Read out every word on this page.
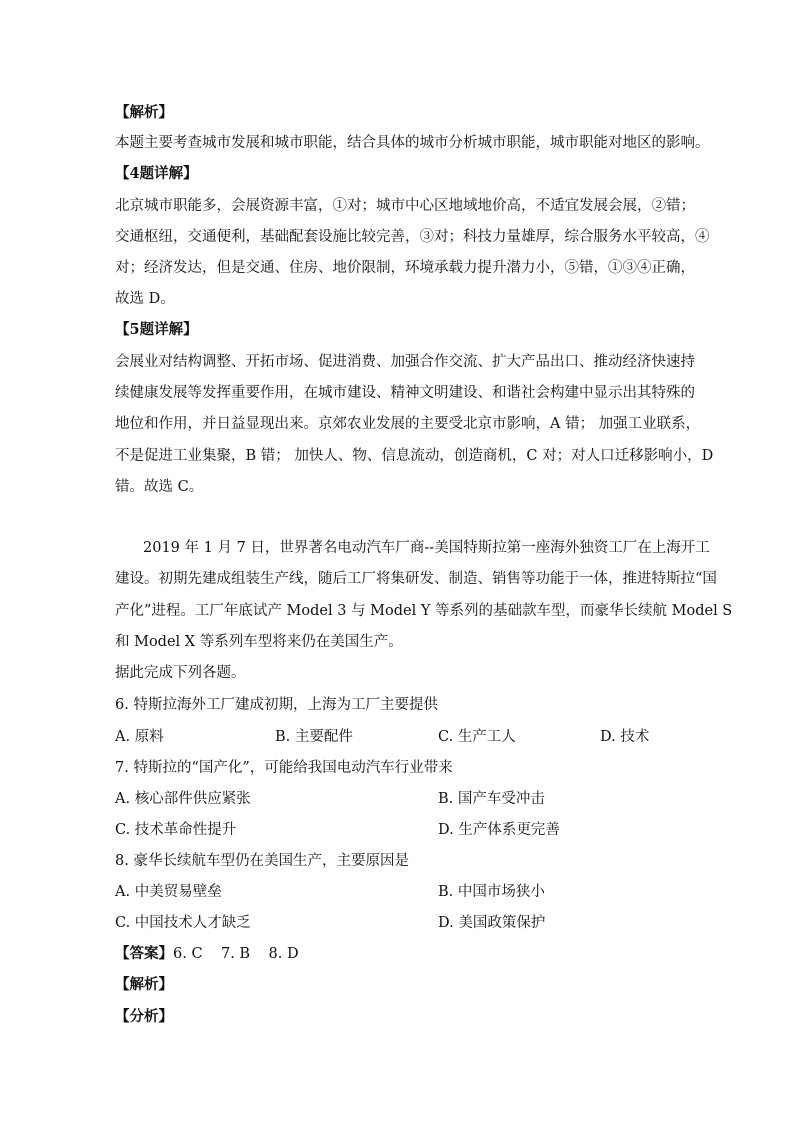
【解析】
本题主要考查城市发展和城市职能，结合具体的城市分析城市职能，城市职能对地区的影响。
【4题详解】
北京城市职能多，会展资源丰富，①对；城市中心区地域地价高，不适宜发展会展，②错；
交通枢纽，交通便利，基础配套设施比较完善，③对；科技力量雄厚，综合服务水平较高，④
对；经济发达，但是交通、住房、地价限制，环境承载力提升潜力小，⑤错，①③④正确，
故选 D。
【5题详解】
会展业对结构调整、开拓市场、促进消费、加强合作交流、扩大产品出口、推动经济快速持
续健康发展等发挥重要作用，在城市建设、精神文明建设、和谐社会构建中显示出其特殊的
地位和作用，并日益显现出来。京郊农业发展的主要受北京市影响，A 错； 加强工业联系，
不是促进工业集聚，B 错； 加快人、物、信息流动，创造商机，C 对；对人口迁移影响小，D
错。故选 C。
2019 年 1 月 7 日，世界著名电动汽车厂商--美国特斯拉第一座海外独资工厂在上海开工
建设。初期先建成组装生产线，随后工厂将集研发、制造、销售等功能于一体，推进特斯拉“国
产化”进程。工厂年底试产 Model 3 与 Model Y 等系列的基础款车型，而豪华长续航 Model S
和 Model X 等系列车型将来仍在美国生产。
据此完成下列各题。
6. 特斯拉海外工厂建成初期，上海为工厂主要提供
A. 原料	B. 主要配件	C. 生产工人	D. 技术
7. 特斯拉的“国产化”，可能给我国电动汽车行业带来
A. 核心部件供应紧张	B. 国产车受冲击
C. 技术革命性提升	D. 生产体系更完善
8. 豪华长续航车型仍在美国生产，主要原因是
A. 中美贸易壁垒	B. 中国市场狭小
C. 中国技术人才缺乏	D. 美国政策保护
【答案】6. C    7. B    8. D
【解析】
【分析】
